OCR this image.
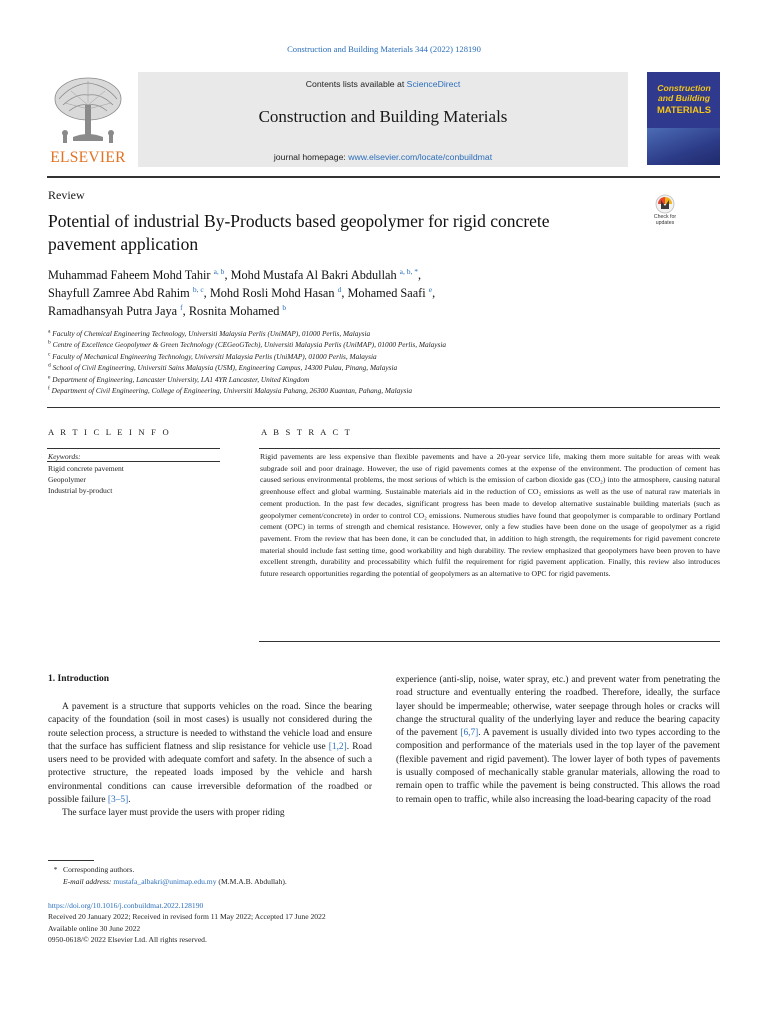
Construction and Building Materials 344 (2022) 128190
ELSEVIER
Contents lists available at ScienceDirect
Construction and Building Materials
journal homepage: www.elsevier.com/locate/conbuildmat
Construction
and Building
MATERIALS
Review
Potential of industrial By-Products based geopolymer for rigid concrete pavement application
Check for updates
Muhammad Faheem Mohd Tahir $^{a, b}$, Mohd Mustafa Al Bakri Abdullah $^{a, b, *}$,
Shayfull Zamree Abd Rahim $^{b, c}$, Mohd Rosli Mohd Hasan $^d$, Mohamed Saafi $^e$,
Ramadhansyah Putra Jaya $^f$, Rosnita Mohamed $^b$
$^a$ Faculty of Chemical Engineering Technology, Universiti Malaysia Perlis (UniMAP), 01000 Perlis, Malaysia
$^b$ Centre of Excellence Geopolymer & Green Technology (CEGeoGTech), Universiti Malaysia Perlis (UniMAP), 01000 Perlis, Malaysia
$^c$ Faculty of Mechanical Engineering Technology, Universiti Malaysia Perlis (UniMAP), 01000 Perlis, Malaysia
$^d$ School of Civil Engineering, Universiti Sains Malaysia (USM), Engineering Campus, 14300 Pulau, Pinang, Malaysia
$^e$ Department of Engineering, Lancaster University, LA1 4YR Lancaster, United Kingdom
$^f$ Department of Civil Engineering, College of Engineering, Universiti Malaysia Pahang, 26300 Kuantan, Pahang, Malaysia
A R T I C L E I N F O
Keywords:
Rigid concrete pavement
Geopolymer
Industrial by-product
A B S T R A C T
Rigid pavements are less expensive than flexible pavements and have a 20-year service life, making them more suitable for areas with weak subgrade soil and poor drainage. However, the use of rigid pavements comes at the expense of the environment. The production of cement has caused serious environmental problems, the most serious of which is the emission of carbon dioxide gas (CO₂) into the atmosphere, causing natural greenhouse effect and global warming. Sustainable materials aid in the reduction of CO₂ emissions as well as the use of natural raw materials in cement production. In the past few decades, significant progress has been made to develop alternative sustainable building materials (such as geopolymer cement/concrete) in order to control CO₂ emissions. Numerous studies have found that geopolymer is comparable to ordinary Portland cement (OPC) in terms of strength and chemical resistance. However, only a few studies have been done on the usage of geopolymer as a rigid pavement. From the review that has been done, it can be concluded that, in addition to high strength, the requirements for rigid pavement concrete material should include fast setting time, good workability and high durability. The review emphasized that geopolymers have been proven to have excellent strength, durability and processability which fulfil the requirement for rigid pavement application. Finally, this review also introduces future research opportunities regarding the potential of geopolymers as an alternative to OPC for rigid pavements.
1. Introduction

A pavement is a structure that supports vehicles on the road. Since the bearing capacity of the foundation (soil in most cases) is usually not considered during the route selection process, a structure is needed to withstand the vehicle load and ensure that the surface has sufficient flatness and slip resistance for vehicle use [1,2]. Road users need to be provided with adequate comfort and safety. In the absence of such a protective structure, the repeated loads imposed by the vehicle and harsh environmental conditions can cause irreversible deformation of the roadbed or possible failure [3–5].

The surface layer must provide the users with proper riding

experience (anti-slip, noise, water spray, etc.) and prevent water from penetrating the road structure and eventually entering the roadbed. Therefore, ideally, the surface layer should be impermeable; otherwise, water seepage through holes or cracks will change the structural quality of the underlying layer and reduce the bearing capacity of the pavement [6,7]. A pavement is usually divided into two types according to the composition and performance of the materials used in the top layer of the pavement (flexible pavement and rigid pavement). The lower layer of both types of pavements is usually composed of mechanically stable granular materials, allowing the road to remain open to traffic while the pavement is being constructed. This allows the road to remain open to traffic, while also increasing the load-bearing capacity of the road

* Corresponding authors.
E-mail address: mustafa_albakri@unimap.edu.my (M.M.A.B. Abdullah).
https://doi.org/10.1016/j.conbuildmat.2022.128190
Received 20 January 2022; Received in revised form 11 May 2022; Accepted 17 June 2022
Available online 30 June 2022
0950-0618/© 2022 Elsevier Ltd. All rights reserved.
